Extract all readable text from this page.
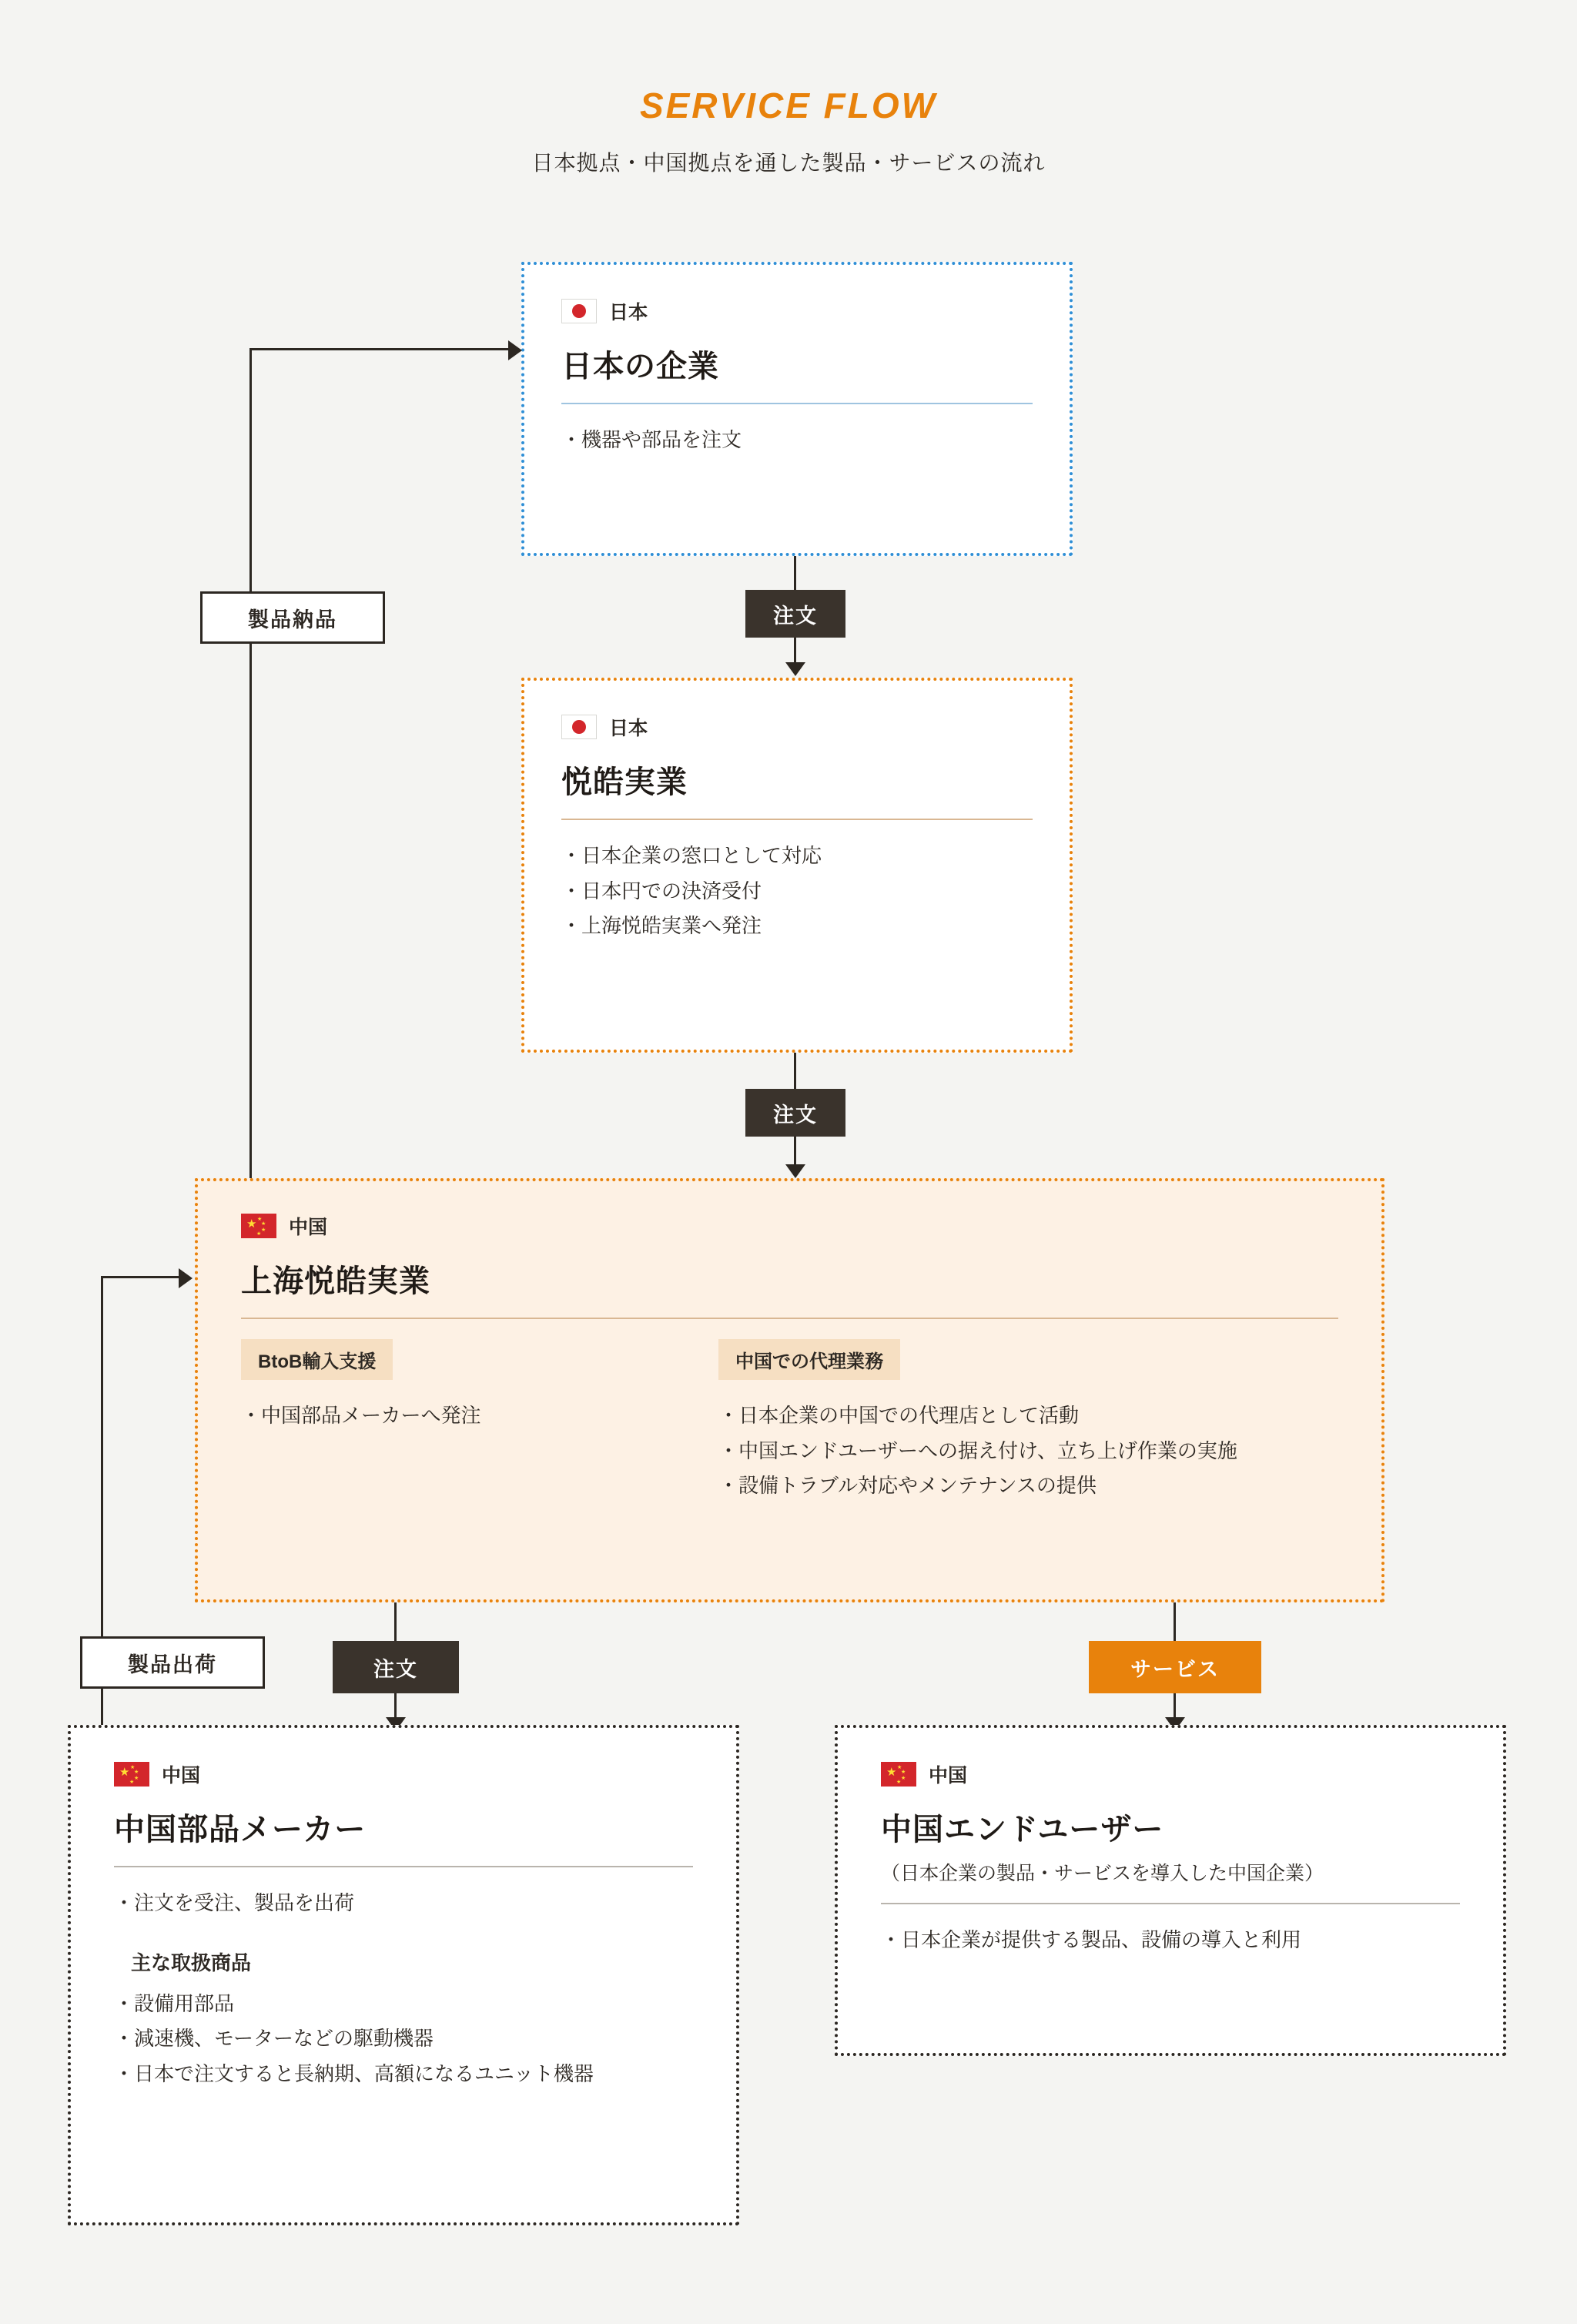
SERVICE FLOW
日本拠点・中国拠点を通した製品・サービスの流れ
日本
日本の企業
・機器や部品を注文
注文
日本
悦皓実業
・日本企業の窓口として対応
・日本円での決済受付
・上海悦皓実業へ発注
注文
★ ★
★
★
★ 中国
上海悦皓実業
BtoB輸入支援
・中国部品メーカーへ発注
中国での代理業務
・日本企業の中国での代理店として活動
・中国エンドユーザーへの据え付け、立ち上げ作業の実施
・設備トラブル対応やメンテナンスの提供
製品納品
製品出荷	注文	サービス
★ ★
★
★
★ 中国
中国部品メーカー
・注文を受注、製品を出荷
主な取扱商品
・設備用部品
・減速機、モーターなどの駆動機器
・日本で注文すると長納期、高額になるユニット機器
★ ★
★
★
★ 中国
中国エンドユーザー
（日本企業の製品・サービスを導入した中国企業）
・日本企業が提供する製品、設備の導入と利用
